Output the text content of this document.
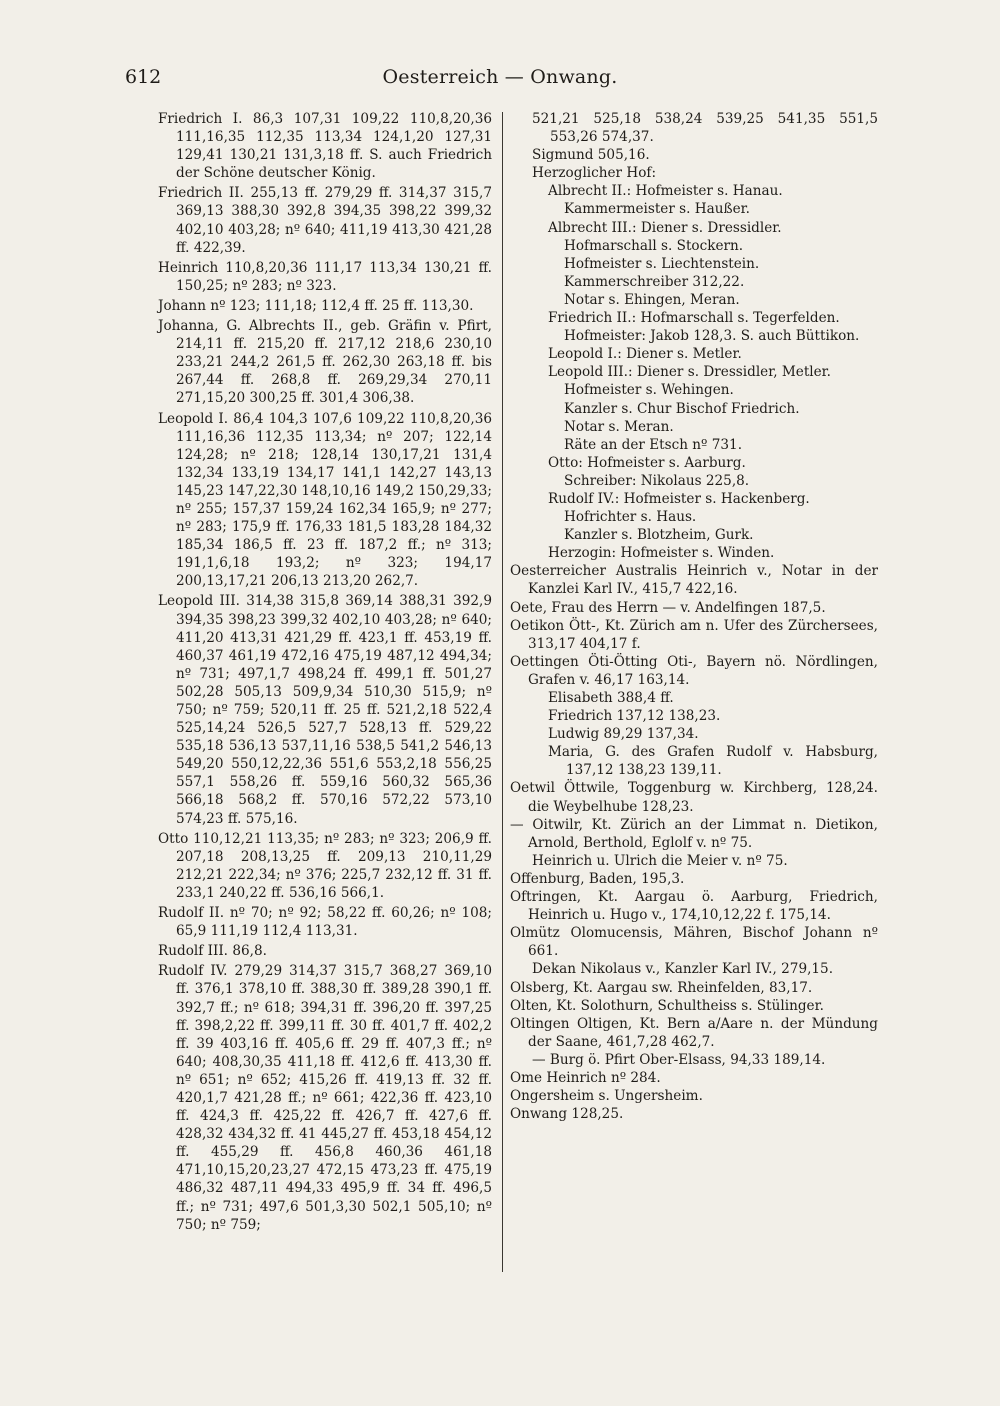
612	Oesterreich — Onwang.

Friedrich I. 86,3 107,31 109,22 110,8,20,36 111,16,35 112,35 113,34 124,1,20 127,31 129,41 130,21 131,3,18 ff. S. auch Friedrich der Schöne deutscher König.

Friedrich II. 255,13 ff. 279,29 ff. 314,37 315,7 369,13 388,30 392,8 394,35 398,22 399,32 402,10 403,28; nº 640; 411,19 413,30 421,28 ff. 422,39.

Heinrich 110,8,20,36 111,17 113,34 130,21 ff. 150,25; nº 283; nº 323.

Johann nº 123; 111,18; 112,4 ff. 25 ff. 113,30.

Johanna, G. Albrechts II., geb. Gräfin v. Pfirt, 214,11 ff. 215,20 ff. 217,12 218,6 230,10 233,21 244,2 261,5 ff. 262,30 263,18 ff. bis 267,44 ff. 268,8 ff. 269,29,34 270,11 271,15,20 300,25 ff. 301,4 306,38.

Leopold I. 86,4 104,3 107,6 109,22 110,8,20,36 111,16,36 112,35 113,34; nº 207; 122,14 124,28; nº 218; 128,14 130,17,21 131,4 132,34 133,19 134,17 141,1 142,27 143,13 145,23 147,22,30 148,10,16 149,2 150,29,33; nº 255; 157,37 159,24 162,34 165,9; nº 277; nº 283; 175,9 ff. 176,33 181,5 183,28 184,32 185,34 186,5 ff. 23 ff. 187,2 ff.; nº 313; 191,1,6,18 193,2; nº 323; 194,17 200,13,17,21 206,13 213,20 262,7.

Leopold III. 314,38 315,8 369,14 388,31 392,9 394,35 398,23 399,32 402,10 403,28; nº 640; 411,20 413,31 421,29 ff. 423,1 ff. 453,19 ff. 460,37 461,19 472,16 475,19 487,12 494,34; nº 731; 497,1,7 498,24 ff. 499,1 ff. 501,27 502,28 505,13 509,9,34 510,30 515,9; nº 750; nº 759; 520,11 ff. 25 ff. 521,2,18 522,4 525,14,24 526,5 527,7 528,13 ff. 529,22 535,18 536,13 537,11,16 538,5 541,2 546,13 549,20 550,12,22,36 551,6 553,2,18 556,25 557,1 558,26 ff. 559,16 560,32 565,36 566,18 568,2 ff. 570,16 572,22 573,10 574,23 ff. 575,16.

Otto 110,12,21 113,35; nº 283; nº 323; 206,9 ff. 207,18 208,13,25 ff. 209,13 210,11,29 212,21 222,34; nº 376; 225,7 232,12 ff. 31 ff. 233,1 240,22 ff. 536,16 566,1.

Rudolf II. nº 70; nº 92; 58,22 ff. 60,26; nº 108; 65,9 111,19 112,4 113,31.

Rudolf III. 86,8.

Rudolf IV. 279,29 314,37 315,7 368,27 369,10 ff. 376,1 378,10 ff. 388,30 ff. 389,28 390,1 ff. 392,7 ff.; nº 618; 394,31 ff. 396,20 ff. 397,25 ff. 398,2,22 ff. 399,11 ff. 30 ff. 401,7 ff. 402,2 ff. 39 403,16 ff. 405,6 ff. 29 ff. 407,3 ff.; nº 640; 408,30,35 411,18 ff. 412,6 ff. 413,30 ff. nº 651; nº 652; 415,26 ff. 419,13 ff. 32 ff. 420,1,7 421,28 ff.; nº 661; 422,36 ff. 423,10 ff. 424,3 ff. 425,22 ff. 426,7 ff. 427,6 ff. 428,32 434,32 ff. 41 445,27 ff. 453,18 454,12 ff. 455,29 ff. 456,8 460,36 461,18 471,10,15,20,23,27 472,15 473,23 ff. 475,19 486,32 487,11 494,33 495,9 ff. 34 ff. 496,5 ff.; nº 731; 497,6 501,3,30 502,1 505,10; nº 750; nº 759;

521,21 525,18 538,24 539,25 541,35 551,5 553,26 574,37.

Sigmund 505,16.

Herzoglicher Hof:

Albrecht II.: Hofmeister s. Hanau.

Kammermeister s. Haußer.

Albrecht III.: Diener s. Dressidler.

Hofmarschall s. Stockern.

Hofmeister s. Liechtenstein.

Kammerschreiber 312,22.

Notar s. Ehingen, Meran.

Friedrich II.: Hofmarschall s. Tegerfelden.

Hofmeister: Jakob 128,3. S. auch Büttikon.

Leopold I.: Diener s. Metler.

Leopold III.: Diener s. Dressidler, Metler.

Hofmeister s. Wehingen.

Kanzler s. Chur Bischof Friedrich.

Notar s. Meran.

Räte an der Etsch nº 731.

Otto: Hofmeister s. Aarburg.

Schreiber: Nikolaus 225,8.

Rudolf IV.: Hofmeister s. Hackenberg.

Hofrichter s. Haus.

Kanzler s. Blotzheim, Gurk.

Herzogin: Hofmeister s. Winden.

Oesterreicher Australis Heinrich v., Notar in der Kanzlei Karl IV., 415,7 422,16.

Oete, Frau des Herrn — v. Andelfingen 187,5.

Oetikon Ött-, Kt. Zürich am n. Ufer des Zürchersees, 313,17 404,17 f.

Oettingen Öti-Ötting Oti-, Bayern nö. Nördlingen, Grafen v. 46,17 163,14.

Elisabeth 388,4 ff.

Friedrich 137,12 138,23.

Ludwig 89,29 137,34.

Maria, G. des Grafen Rudolf v. Habsburg, 137,12 138,23 139,11.

Oetwil Öttwile, Toggenburg w. Kirchberg, 128,24. die Weybelhube 128,23.

— Oitwilr, Kt. Zürich an der Limmat n. Dietikon, Arnold, Berthold, Eglolf v. nº 75.

Heinrich u. Ulrich die Meier v. nº 75.

Offenburg, Baden, 195,3.

Oftringen, Kt. Aargau ö. Aarburg, Friedrich, Heinrich u. Hugo v., 174,10,12,22 f. 175,14.

Olmütz Olomucensis, Mähren, Bischof Johann nº 661.

Dekan Nikolaus v., Kanzler Karl IV., 279,15.

Olsberg, Kt. Aargau sw. Rheinfelden, 83,17.

Olten, Kt. Solothurn, Schultheiss s. Stülinger.

Oltingen Oltigen, Kt. Bern a/Aare n. der Mündung der Saane, 461,7,28 462,7.

— Burg ö. Pfirt Ober-Elsass, 94,33 189,14.

Ome Heinrich nº 284.

Ongersheim s. Ungersheim.

Onwang 128,25.
